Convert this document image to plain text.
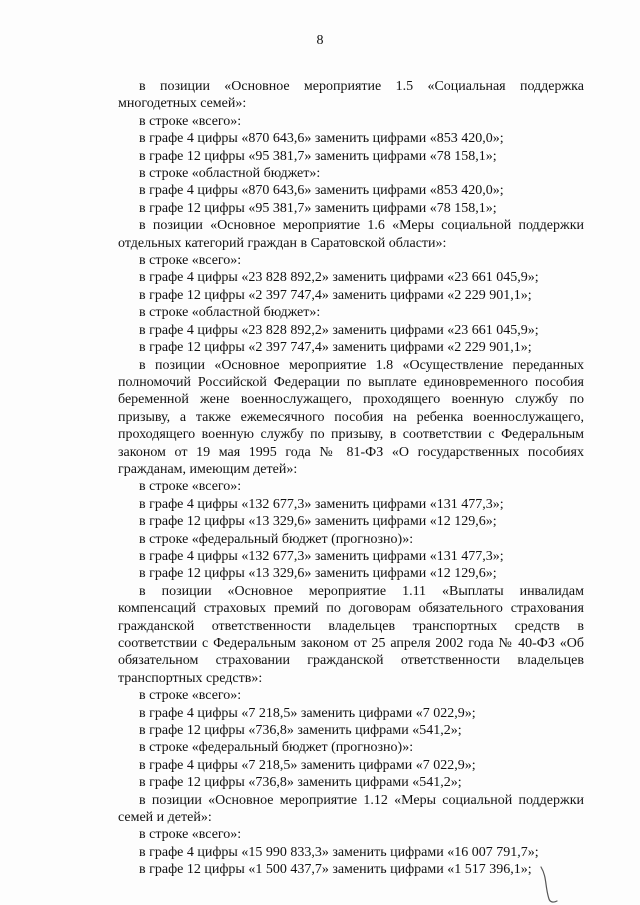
8

в позиции «Основное мероприятие 1.5 «Социальная поддержка многодетных семей»:

в строке «всего»:

в графе 4 цифры «870 643,6» заменить цифрами «853 420,0»;

в графе 12 цифры «95 381,7» заменить цифрами «78 158,1»;

в строке «областной бюджет»:

в графе 4 цифры «870 643,6» заменить цифрами «853 420,0»;

в графе 12 цифры «95 381,7» заменить цифрами «78 158,1»;

в позиции «Основное мероприятие 1.6 «Меры социальной поддержки отдельных категорий граждан в Саратовской области»:

в строке «всего»:

в графе 4 цифры «23 828 892,2» заменить цифрами «23 661 045,9»;

в графе 12 цифры «2 397 747,4» заменить цифрами «2 229 901,1»;

в строке «областной бюджет»:

в графе 4 цифры «23 828 892,2» заменить цифрами «23 661 045,9»;

в графе 12 цифры «2 397 747,4» заменить цифрами «2 229 901,1»;

в позиции «Основное мероприятие 1.8 «Осуществление переданных полномочий Российской Федерации по выплате единовременного пособия беременной жене военнослужащего, проходящего военную службу по призыву, а также ежемесячного пособия на ребенка военнослужащего, проходящего военную службу по призыву, в соответствии с Федеральным законом от 19 мая 1995 года № 81-ФЗ «О государственных пособиях гражданам, имеющим детей»:

в строке «всего»:

в графе 4 цифры «132 677,3» заменить цифрами «131 477,3»;

в графе 12 цифры «13 329,6» заменить цифрами «12 129,6»;

в строке «федеральный бюджет (прогнозно)»:

в графе 4 цифры «132 677,3» заменить цифрами «131 477,3»;

в графе 12 цифры «13 329,6» заменить цифрами «12 129,6»;

в позиции «Основное мероприятие 1.11 «Выплаты инвалидам компенсаций страховых премий по договорам обязательного страхования гражданской ответственности владельцев транспортных средств в соответствии с Федеральным законом от 25 апреля 2002 года № 40-ФЗ «Об обязательном страховании гражданской ответственности владельцев транспортных средств»:

в строке «всего»:

в графе 4 цифры «7 218,5» заменить цифрами «7 022,9»;

в графе 12 цифры «736,8» заменить цифрами «541,2»;

в строке «федеральный бюджет (прогнозно)»:

в графе 4 цифры «7 218,5» заменить цифрами «7 022,9»;

в графе 12 цифры «736,8» заменить цифрами «541,2»;

в позиции «Основное мероприятие 1.12 «Меры социальной поддержки семей и детей»:

в строке «всего»:

в графе 4 цифры «15 990 833,3» заменить цифрами «16 007 791,7»;

в графе 12 цифры «1 500 437,7» заменить цифрами «1 517 396,1»;
